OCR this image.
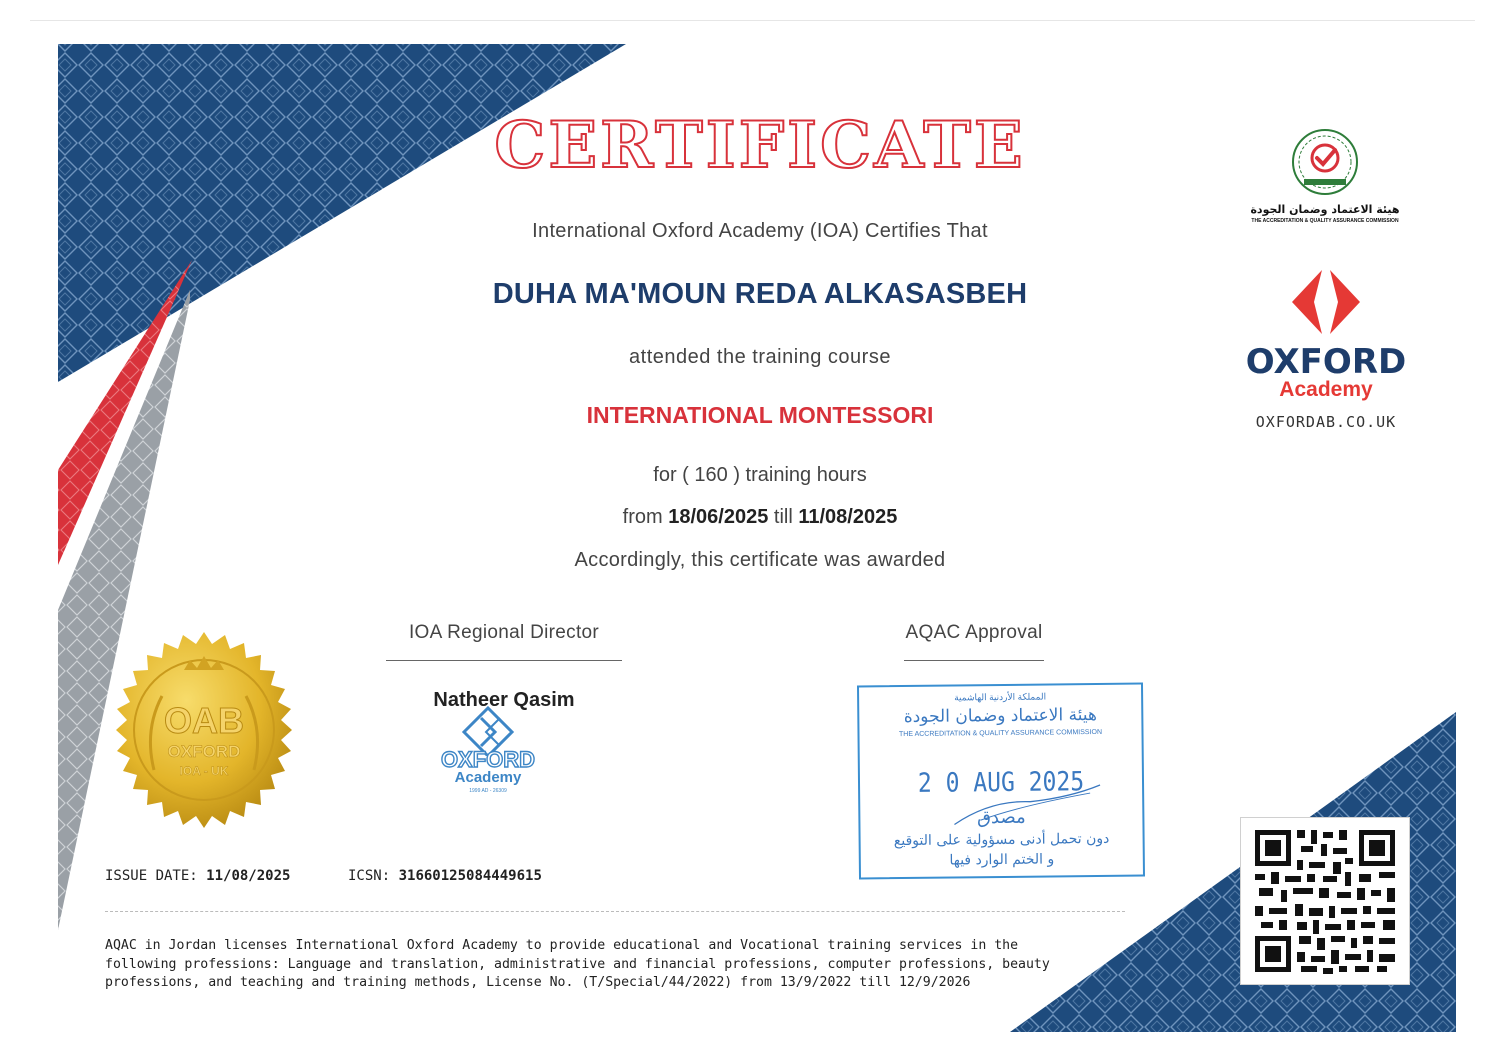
CERTIFICATE
International Oxford Academy (IOA) Certifies That
DUHA MA'MOUN REDA ALKASASBEH
attended the training course
INTERNATIONAL MONTESSORI
for ( 160 ) training hours
from 18/06/2025 till 11/08/2025
Accordingly, this certificate was awarded
هيئة الاعتماد وضمان الجودة
THE ACCREDITATION & QUALITY ASSURANCE COMMISSION
OXFORD
Academy
OXFORDAB.CO.UK
OAB
OXFORD
IOA - UK
IOA Regional Director
Natheer Qasim
OXFORD
Academy
1999 AD - 26309
AQAC Approval
المملكة الأردنية الهاشمية
هيئة الاعتماد وضمان الجودة
THE ACCREDITATION & QUALITY ASSURANCE COMMISSION
2 0 AUG 2025
مصدق
دون تحمل أدنى مسؤولية على التوقيع
و الختم الوارد فيها
ISSUE DATE: 11/08/2025	ICSN: 31660125084449615
AQAC in Jordan licenses International Oxford Academy to provide educational and Vocational training services in the
following professions: Language and translation, administrative and financial professions, computer professions, beauty
professions, and teaching and training methods, License No. (T/Special/44/2022) from 13/9/2022 till 12/9/2026
